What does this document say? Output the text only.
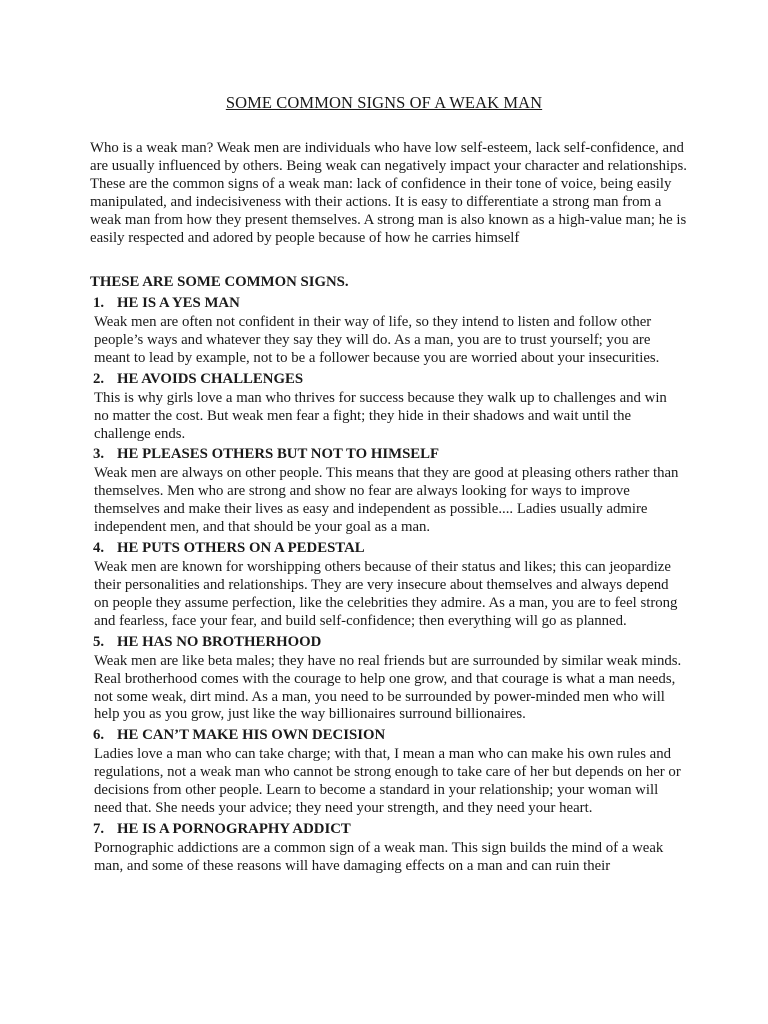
SOME COMMON SIGNS OF A WEAK MAN
Who is a weak man? Weak men are individuals who have low self-esteem, lack self-confidence, and are usually influenced by others. Being weak can negatively impact your character and relationships. These are the common signs of a weak man: lack of confidence in their tone of voice, being easily manipulated, and indecisiveness with their actions. It is easy to differentiate a strong man from a weak man from how they present themselves. A strong man is also known as a high-value man; he is easily respected and adored by people because of how he carries himself
THESE ARE SOME COMMON SIGNS.
1. HE IS A YES MAN
Weak men are often not confident in their way of life, so they intend to listen and follow other people’s ways and whatever they say they will do. As a man, you are to trust yourself; you are meant to lead by example, not to be a follower because you are worried about your insecurities.
2. HE AVOIDS CHALLENGES
This is why girls love a man who thrives for success because they walk up to challenges and win no matter the cost. But weak men fear a fight; they hide in their shadows and wait until the challenge ends.
3. HE PLEASES OTHERS BUT NOT TO HIMSELF
Weak men are always on other people. This means that they are good at pleasing others rather than themselves. Men who are strong and show no fear are always looking for ways to improve themselves and make their lives as easy and independent as possible.... Ladies usually admire independent men, and that should be your goal as a man.
4. HE PUTS OTHERS ON A PEDESTAL
Weak men are known for worshipping others because of their status and likes; this can jeopardize their personalities and relationships. They are very insecure about themselves and always depend on people they assume perfection, like the celebrities they admire. As a man, you are to feel strong and fearless, face your fear, and build self-confidence; then everything will go as planned.
5. HE HAS NO BROTHERHOOD
Weak men are like beta males; they have no real friends but are surrounded by similar weak minds. Real brotherhood comes with the courage to help one grow, and that courage is what a man needs, not some weak, dirt mind. As a man, you need to be surrounded by power-minded men who will help you as you grow, just like the way billionaires surround billionaires.
6. HE CAN’T MAKE HIS OWN DECISION
Ladies love a man who can take charge; with that, I mean a man who can make his own rules and regulations, not a weak man who cannot be strong enough to take care of her but depends on her or decisions from other people. Learn to become a standard in your relationship; your woman will need that. She needs your advice; they need your strength, and they need your heart.
7. HE IS A PORNOGRAPHY ADDICT
Pornographic addictions are a common sign of a weak man. This sign builds the mind of a weak man, and some of these reasons will have damaging effects on a man and can ruin their
